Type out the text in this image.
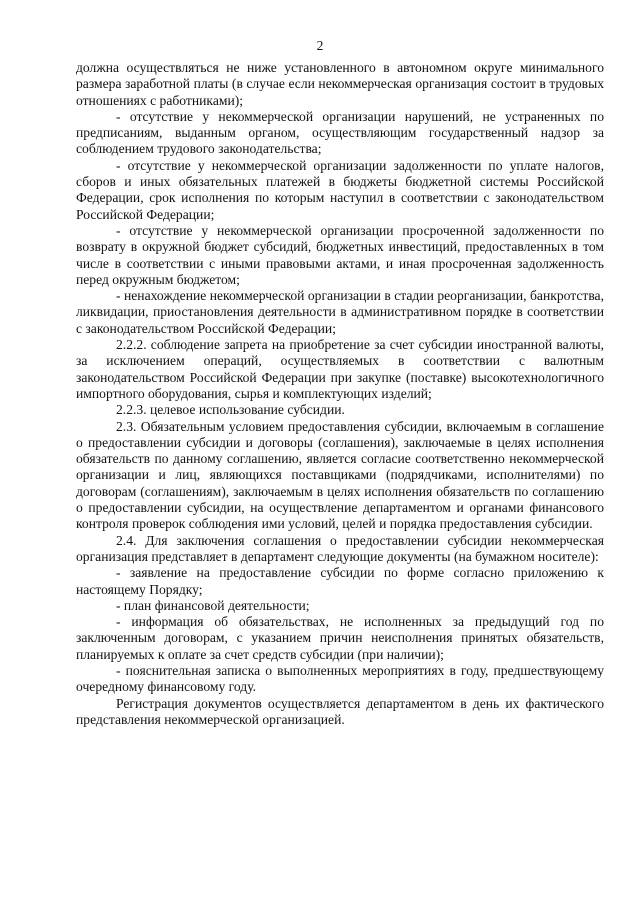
2

должна осуществляться не ниже установленного в автономном округе минимального размера заработной платы (в случае если некоммерческая организация состоит в трудовых отношениях с работниками);

- отсутствие у некоммерческой организации нарушений, не устраненных по предписаниям, выданным органом, осуществляющим государственный надзор за соблюдением трудового законодательства;

- отсутствие у некоммерческой организации задолженности по уплате налогов, сборов и иных обязательных платежей в бюджеты бюджетной системы Российской Федерации, срок исполнения по которым наступил в соответствии с законодательством Российской Федерации;

- отсутствие у некоммерческой организации просроченной задолженности по возврату в окружной бюджет субсидий, бюджетных инвестиций, предоставленных в том числе в соответствии с иными правовыми актами, и иная просроченная задолженность перед окружным бюджетом;

- ненахождение некоммерческой организации в стадии реорганизации, банкротства, ликвидации, приостановления деятельности в административном порядке в соответствии с законодательством Российской Федерации;

2.2.2. соблюдение запрета на приобретение за счет субсидии иностранной валюты, за исключением операций, осуществляемых в соответствии с валютным законодательством Российской Федерации при закупке (поставке) высокотехнологичного импортного оборудования, сырья и комплектующих изделий;

2.2.3. целевое использование субсидии.

2.3. Обязательным условием предоставления субсидии, включаемым в соглашение о предоставлении субсидии и договоры (соглашения), заключаемые в целях исполнения обязательств по данному соглашению, является согласие соответственно некоммерческой организации и лиц, являющихся поставщиками (подрядчиками, исполнителями) по договорам (соглашениям), заключаемым в целях исполнения обязательств по соглашению о предоставлении субсидии, на осуществление департаментом и органами финансового контроля проверок соблюдения ими условий, целей и порядка предоставления субсидии.

2.4. Для заключения соглашения о предоставлении субсидии некоммерческая организация представляет в департамент следующие документы (на бумажном носителе):

- заявление на предоставление субсидии по форме согласно приложению к настоящему Порядку;

- план финансовой деятельности;

- информация об обязательствах, не исполненных за предыдущий год по заключенным договорам, с указанием причин неисполнения принятых обязательств, планируемых к оплате за счет средств субсидии (при наличии);

- пояснительная записка о выполненных мероприятиях в году, предшествующему очередному финансовому году.

Регистрация документов осуществляется департаментом в день их фактического представления некоммерческой организацией.
